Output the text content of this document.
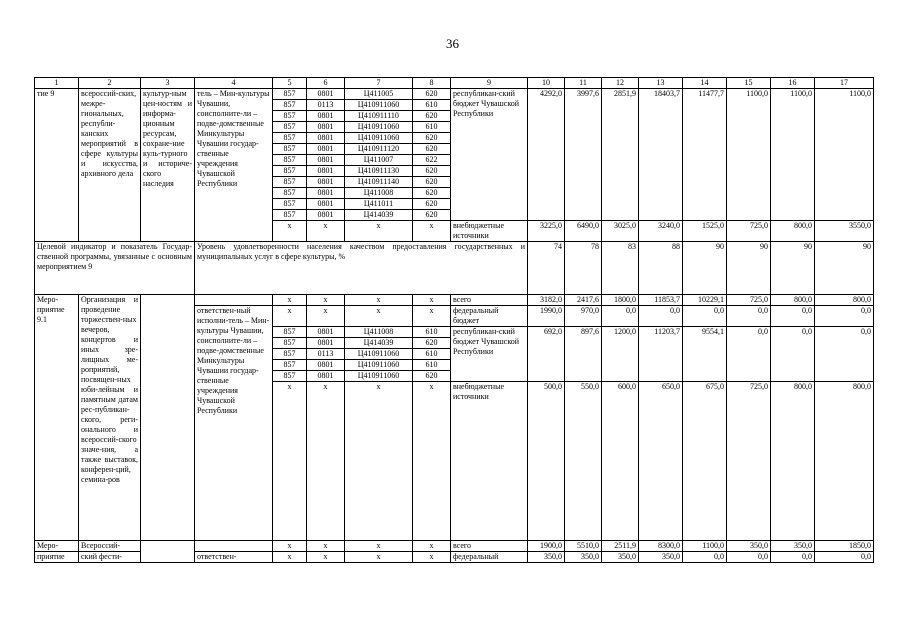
36
1	2	3	4	5	6	7	8	9	10	11	12	13	14	15	16	17
тие 9	всероссий-ских, межре-гиональных, республи-канских мероприятий в сфере культуры и искусства, архивного дела	культур-ным цен-ностям и информа-ционным ресурсам, сохране-ние куль-турного и историче-ского наследия	тель – Мин-культуры Чувашии, соисполните-ли – подве-домственные Минкультуры Чувашии государ-ственные учреждения Чувашской Республики	857	0801	Ц411005	620	республикан-ский бюджет Чувашской Республики	4292,0	3997,6	2851,9	18403,7	11477,7	1100,0	1100,0	1100,0
				857	0113	Ц410911060	610									
				857	0801	Ц410911110	620									
				857	0801	Ц410911060	610									
				857	0801	Ц410911060	620									
				857	0801	Ц410911120	620									
				857	0801	Ц411007	622									
				857	0801	Ц410911130	620									
				857	0801	Ц410911140	620									
				857	0801	Ц411008	620									
				857	0801	Ц411011	620									
				857	0801	Ц414039	620									
				x	x	x	x	внебюджетные источники	3225,0	6490,0	3025,0	3240,0	1525,0	725,0	800,0	3550,0
Целевой индикатор и показатель Государ-ственной программы, увязанные с основным мероприятием 9			Уровень удовлетворенности населения качеством предоставления государственных и муниципальных услуг в сфере культуры, %						74	78	83	88	90	90	90	90
Меро-приятие 9.1	Организация и проведение торжествен-ных вечеров, концертов и иных зре-лищных ме-роприятий, посвящен-ных юби-лейным и памятным датам рес-публикан-ского, реги-онального и всероссий-ского значе-ния, а также выставок, конферен-ций, семина-ров			x	x	x	x	всего	3182,0	2417,6	1800,0	11853,7	10229,1	725,0	800,0	800,0
			ответствен-ный исполни-тель – Мин-культуры Чувашии, соисполните-ли – подве-домственные Минкультуры Чувашии государ-ственные учреждения Чувашской Республики	x	x	x	x	федеральный бюджет	1990,0	970,0	0,0	0,0	0,0	0,0	0,0	0,0
				857	0801	Ц411008	610	республикан-ский бюджет Чувашской Республики	692,0	897,6	1200,0	11203,7	9554,1	0,0	0,0	0,0
				857	0801	Ц414039	620									
				857	0113	Ц410911060	610									
				857	0801	Ц410911060	610									
				857	0801	Ц410911060	620									
				x	x	x	x	внебюджетные источники	500,0	550,0	600,0	650,0	675,0	725,0	800,0	800,0
Меро-	Всероссий-			x	x	x	x	всего	1900,0	5510,0	2511,9	8300,0	1100,0	350,0	350,0	1850,0
приятие	ский фести-		ответствен-	x	x	x	x	федеральный	350,0	350,0	350,0	350,0	0,0	0,0	0,0	0,0
